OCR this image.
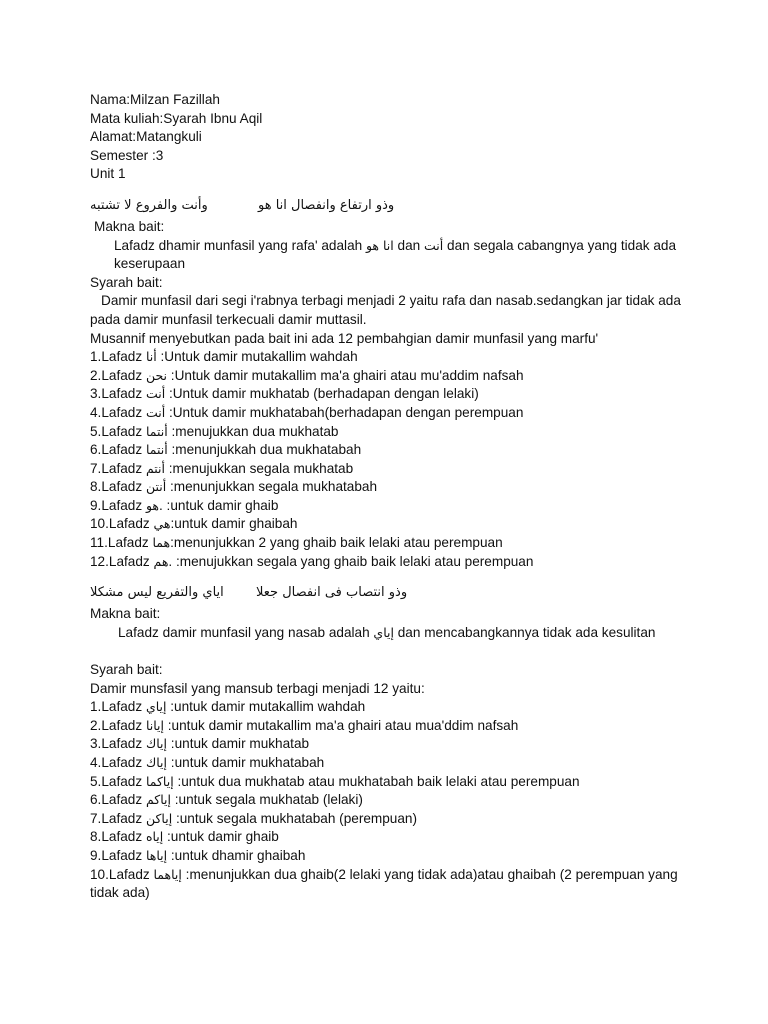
Nama:Milzan Fazillah
Mata kuliah:Syarah Ibnu Aqil
Alamat:Matangkuli
Semester :3
Unit 1
وأنت والفروع لا تشتبه	وذو ارتفاع وانفصال انا هو
Makna bait:
Lafadz dhamir munfasil yang rafa' adalah انا هو dan أنت dan segala cabangnya yang tidak ada keserupaan
Syarah bait:
Damir munfasil dari segi i'rabnya terbagi menjadi 2 yaitu rafa dan nasab.sedangkan jar tidak ada pada damir munfasil terkecuali damir muttasil.
Musannif menyebutkan pada bait ini ada 12 pembahgian damir munfasil yang marfu'
1.Lafadz أنا :Untuk damir mutakallim wahdah
2.Lafadz نحن :Untuk damir mutakallim ma'a ghairi atau mu'addim nafsah
3.Lafadz أنت :Untuk damir mukhatab (berhadapan dengan lelaki)
4.Lafadz أنت :Untuk damir mukhatabah(berhadapan dengan perempuan
5.Lafadz أنتما :menujukkan dua mukhatab
6.Lafadz أنتما :menunjukkah dua mukhatabah
7.Lafadz أنتم :menujukkan segala mukhatab
8.Lafadz أنتن :menunjukkan segala mukhatabah
9.Lafadz هو. :untuk damir ghaib
10.Lafadz هي:untuk damir ghaibah
11.Lafadz هما:menunjukkan 2 yang ghaib baik lelaki atau perempuan
12.Lafadz هم. :menujukkan segala yang ghaib baik lelaki atau perempuan
اياي والتفريع ليس مشكلا وذو انتصاب فى انفصال جعلا
Makna bait:
Lafadz damir munfasil yang nasab adalah إياي dan mencabangkannya tidak ada kesulitan
Syarah bait:
Damir munsfasil yang mansub terbagi menjadi 12 yaitu:
1.Lafadz إياي :untuk damir mutakallim wahdah
2.Lafadz إيانا :untuk damir mutakallim ma'a ghairi atau mua'ddim nafsah
3.Lafadz إياك :untuk damir mukhatab
4.Lafadz إياك :untuk damir mukhatabah
5.Lafadz إياكما :untuk dua mukhatab atau mukhatabah baik lelaki atau perempuan
6.Lafadz إياكم :untuk segala mukhatab (lelaki)
7.Lafadz إياكن :untuk segala mukhatabah (perempuan)
8.Lafadz إياه :untuk damir ghaib
9.Lafadz إياها :untuk dhamir ghaibah
10.Lafadz إياهما :menunjukkan dua ghaib(2 lelaki yang tidak ada)atau ghaibah (2 perempuan yang tidak ada)
